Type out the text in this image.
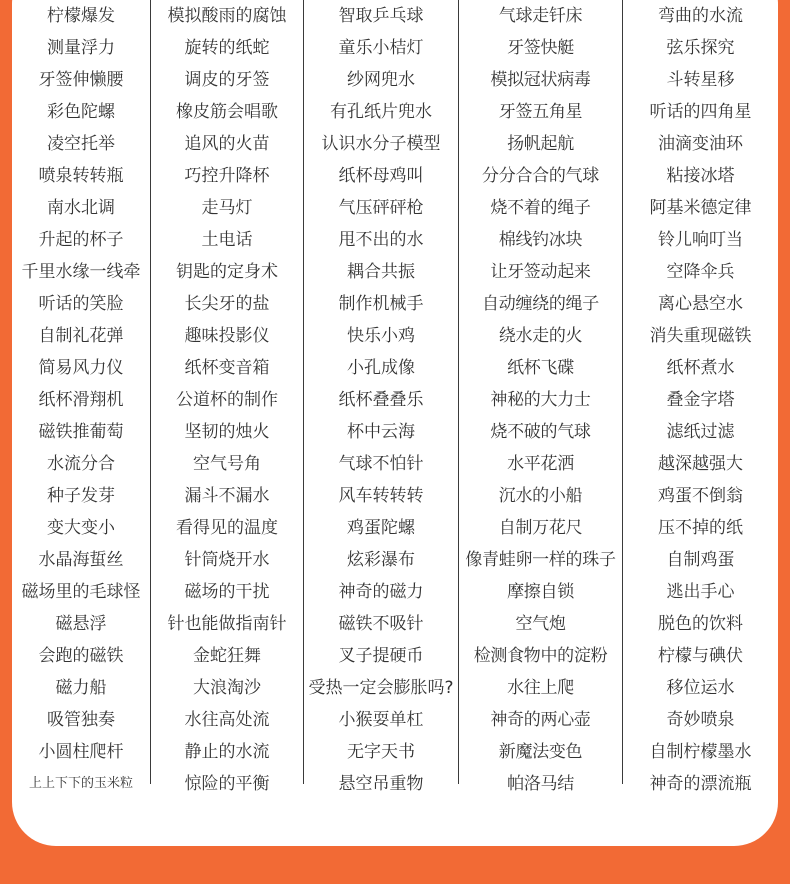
柠檬爆发
测量浮力
牙签伸懒腰
彩色陀螺
凌空托举
喷泉转转瓶
南水北调
升起的杯子
千里水缘一线牵
听话的笑脸
自制礼花弹
简易风力仪
纸杯滑翔机
磁铁推葡萄
水流分合
种子发芽
变大变小
水晶海蜇丝
磁场里的毛球怪
磁悬浮
会跑的磁铁
磁力船
吸管独奏
小圆柱爬杆
上上下下的玉米粒
模拟酸雨的腐蚀
旋转的纸蛇
调皮的牙签
橡皮筋会唱歌
追风的火苗
巧控升降杯
走马灯
土电话
钥匙的定身术
长尖牙的盐
趣味投影仪
纸杯变音箱
公道杯的制作
坚韧的烛火
空气号角
漏斗不漏水
看得见的温度
针筒烧开水
磁场的干扰
针也能做指南针
金蛇狂舞
大浪淘沙
水往高处流
静止的水流
惊险的平衡
智取乒乓球
童乐小桔灯
纱网兜水
有孔纸片兜水
认识水分子模型
纸杯母鸡叫
气压砰砰枪
甩不出的水
耦合共振
制作机械手
快乐小鸡
小孔成像
纸杯叠叠乐
杯中云海
气球不怕针
风车转转转
鸡蛋陀螺
炫彩瀑布
神奇的磁力
磁铁不吸针
叉子提硬币
受热一定会膨胀吗?
小猴耍单杠
无字天书
悬空吊重物
气球走钎床
牙签快艇
模拟冠状病毒
牙签五角星
扬帆起航
分分合合的气球
烧不着的绳子
棉线钓冰块
让牙签动起来
自动缠绕的绳子
绕水走的火
纸杯飞碟
神秘的大力士
烧不破的气球
水平花洒
沉水的小船
自制万花尺
像青蛙卵一样的珠子
摩擦自锁
空气炮
检测食物中的淀粉
水往上爬
神奇的两心壶
新魔法变色
帕洛马结
弯曲的水流
弦乐探究
斗转星移
听话的四角星
油滴变油环
粘接冰塔
阿基米德定律
铃儿响叮当
空降伞兵
离心悬空水
消失重现磁铁
纸杯煮水
叠金字塔
滤纸过滤
越深越强大
鸡蛋不倒翁
压不掉的纸
自制鸡蛋
逃出手心
脱色的饮料
柠檬与碘伏
移位运水
奇妙喷泉
自制柠檬墨水
神奇的漂流瓶
